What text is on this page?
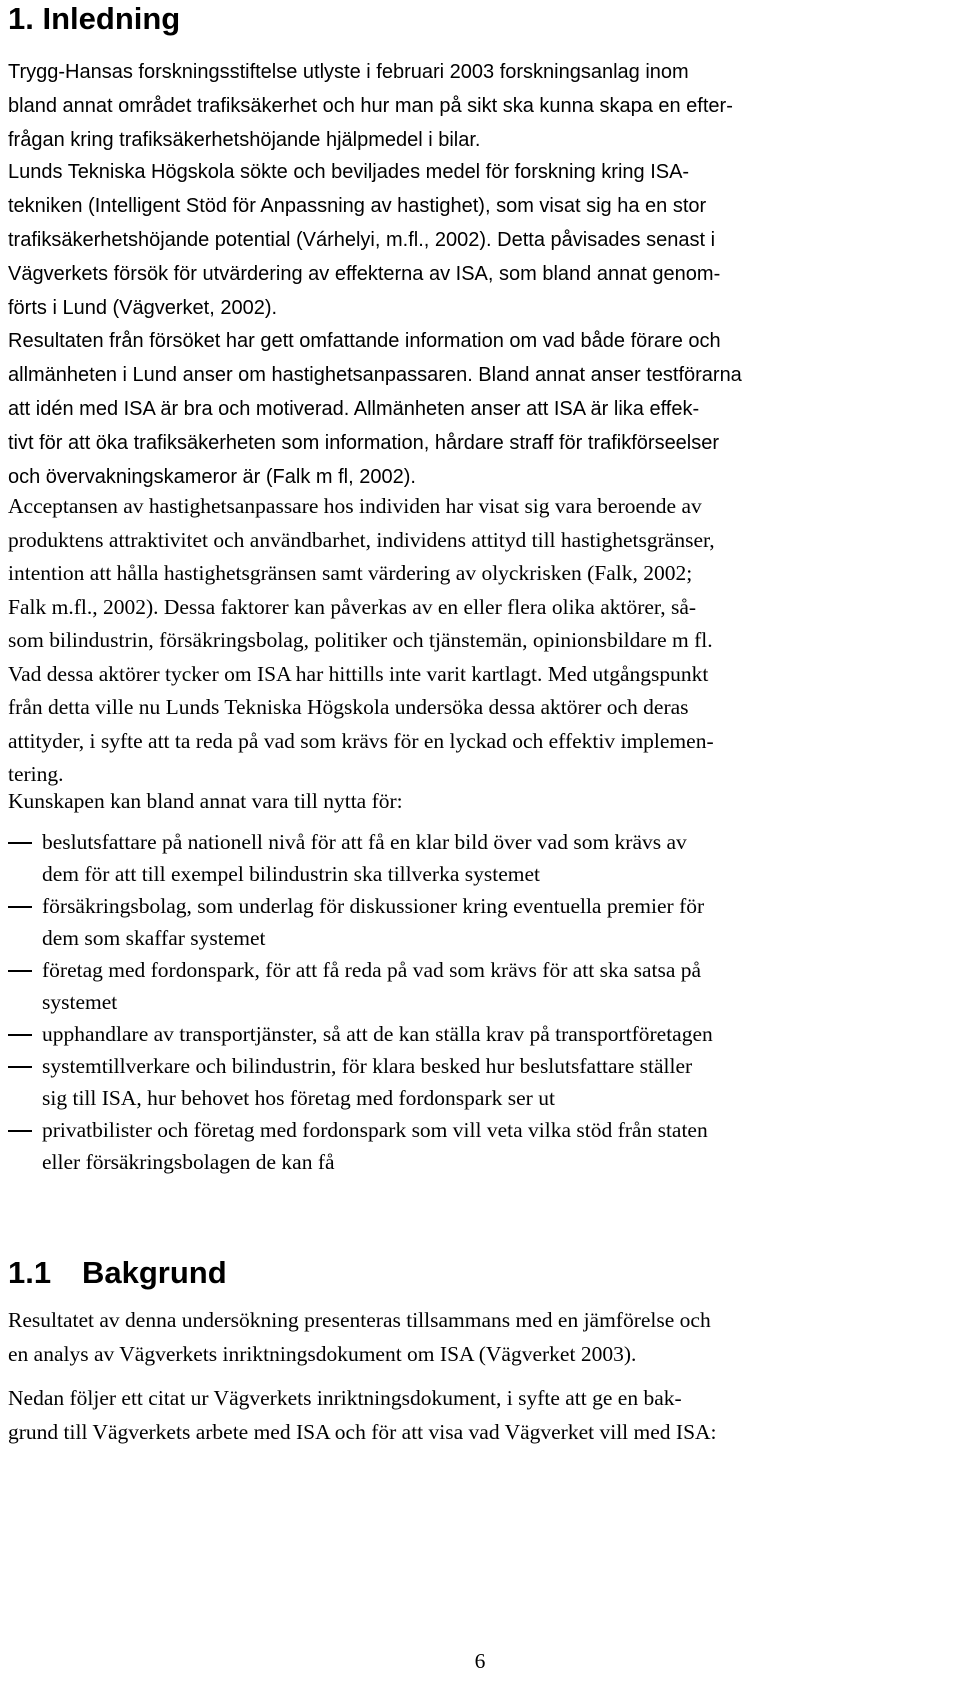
1. Inledning
Trygg-Hansas forskningsstiftelse utlyste i februari 2003 forskningsanlag inom
bland annat området trafiksäkerhet och hur man på sikt ska kunna skapa en efter-
frågan kring trafiksäkerhetshöjande hjälpmedel i bilar.
Lunds Tekniska Högskola sökte och beviljades medel för forskning kring ISA-
tekniken (Intelligent Stöd för Anpassning av hastighet), som visat sig ha en stor
trafiksäkerhetshöjande potential (Várhelyi, m.fl., 2002). Detta påvisades senast i
Vägverkets försök för utvärdering av effekterna av ISA, som bland annat genom-
förts i Lund (Vägverket, 2002).
Resultaten från försöket har gett omfattande information om vad både förare och
allmänheten i Lund anser om hastighetsanpassaren. Bland annat anser testförarna
att idén med ISA är bra och motiverad. Allmänheten anser att ISA är lika effek-
tivt för att öka trafiksäkerheten som information, hårdare straff för trafikförseelser
och övervakningskameror är (Falk m fl, 2002).
Acceptansen av hastighetsanpassare hos individen har visat sig vara beroende av
produktens attraktivitet och användbarhet, individens attityd till hastighetsgränser,
intention att hålla hastighetsgränsen samt värdering av olyckrisken (Falk, 2002;
Falk m.fl., 2002). Dessa faktorer kan påverkas av en eller flera olika aktörer, så-
som bilindustrin, försäkringsbolag, politiker och tjänstemän, opinionsbildare m fl.
Vad dessa aktörer tycker om ISA har hittills inte varit kartlagt. Med utgångspunkt
från detta ville nu Lunds Tekniska Högskola undersöka dessa aktörer och deras
attityder, i syfte att ta reda på vad som krävs för en lyckad och effektiv implemen-
tering.
Kunskapen kan bland annat vara till nytta för:
beslutsfattare på nationell nivå för att få en klar bild över vad som krävs av
dem för att till exempel bilindustrin ska tillverka systemet
försäkringsbolag, som underlag för diskussioner kring eventuella premier för
dem som skaffar systemet
företag med fordonspark, för att få reda på vad som krävs för att ska satsa på
systemet
upphandlare av transportjänster, så att de kan ställa krav på transportföretagen
systemtillverkare och bilindustrin, för klara besked hur beslutsfattare ställer
sig till ISA, hur behovet hos företag med fordonspark ser ut
privatbilister och företag med fordonspark som vill veta vilka stöd från staten
eller försäkringsbolagen de kan få
1.1 Bakgrund
Resultatet av denna undersökning presenteras tillsammans med en jämförelse och
en analys av Vägverkets inriktningsdokument om ISA (Vägverket 2003).
Nedan följer ett citat ur Vägverkets inriktningsdokument, i syfte att ge en bak-
grund till Vägverkets arbete med ISA och för att visa vad Vägverket vill med ISA:
6
